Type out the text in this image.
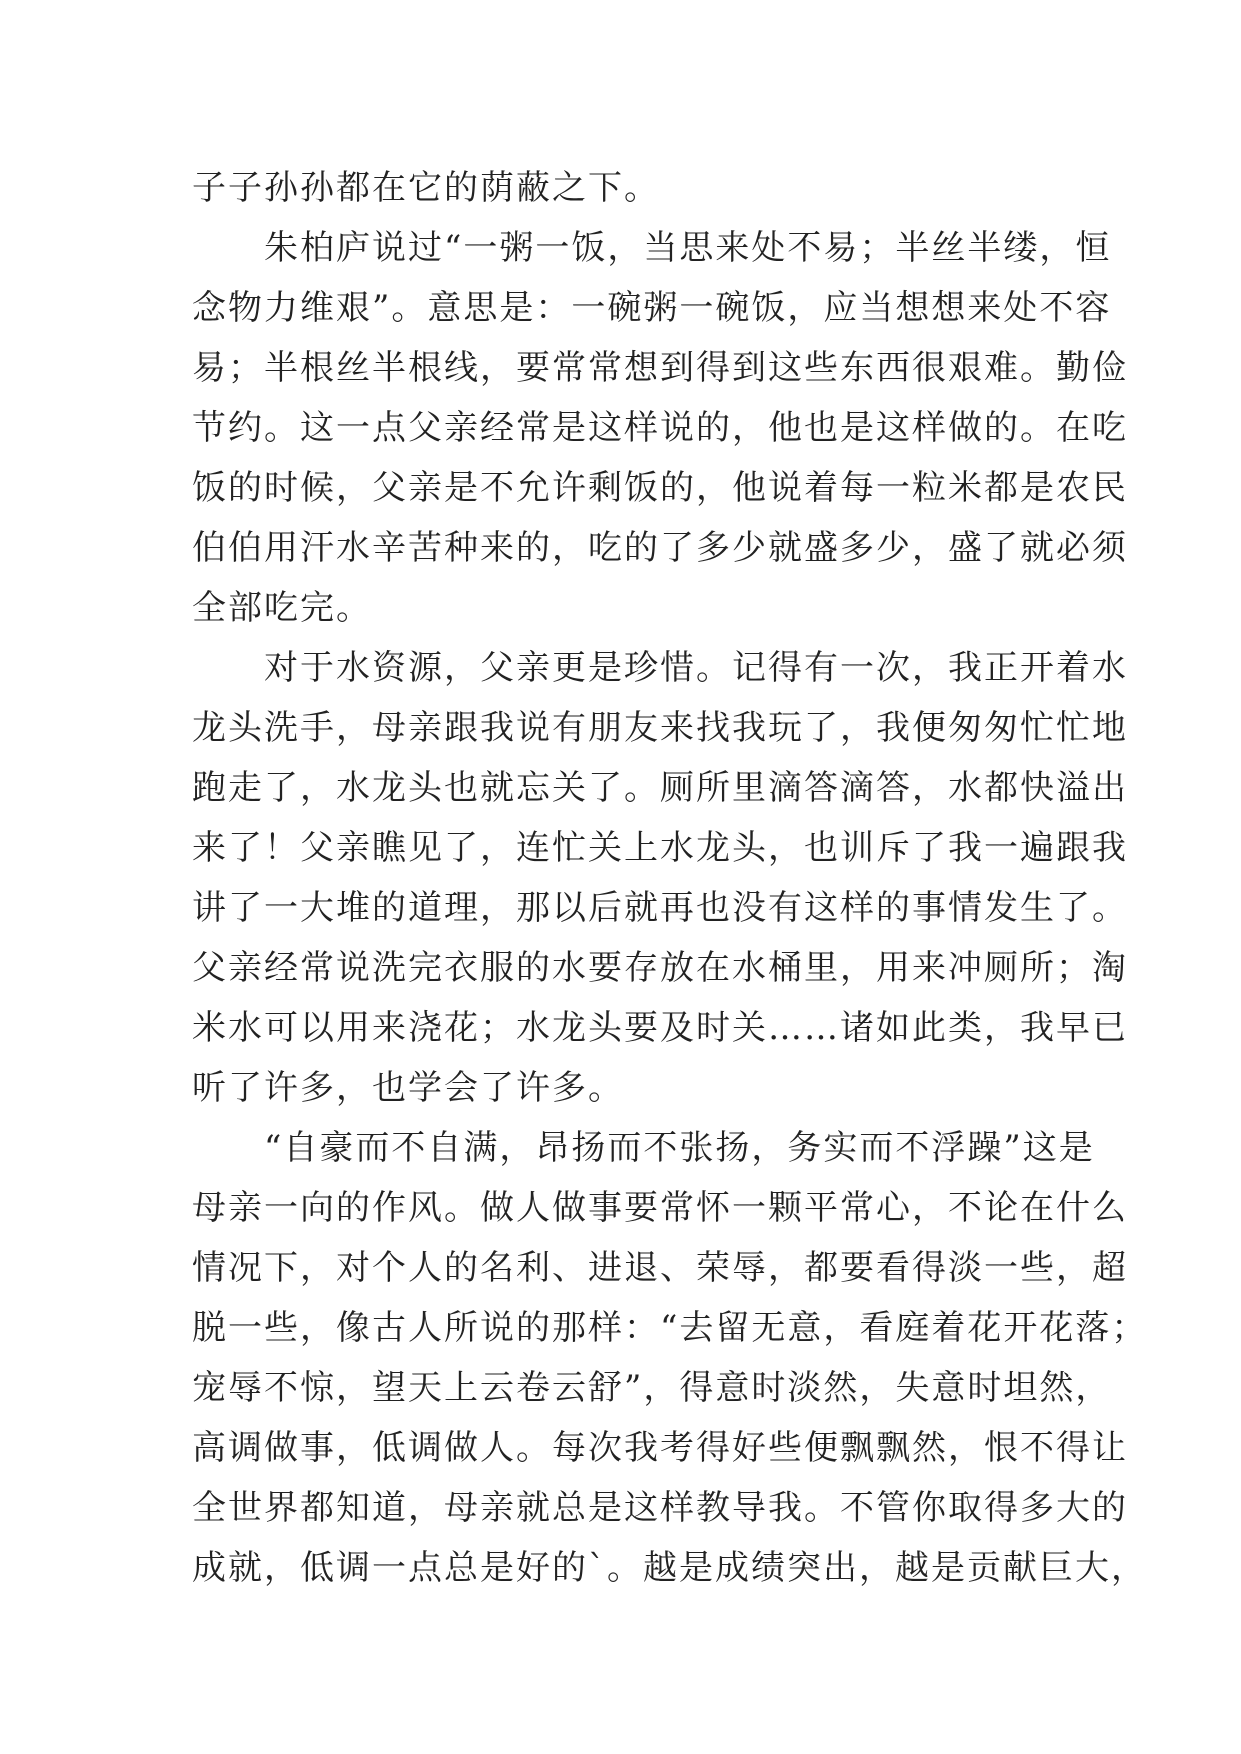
子子孙孙都在它的荫蔽之下。
　　朱柏庐说过“一粥一饭，当思来处不易；半丝半缕，恒
念物力维艰”。意思是：一碗粥一碗饭，应当想想来处不容
易；半根丝半根线，要常常想到得到这些东西很艰难。勤俭
节约。这一点父亲经常是这样说的，他也是这样做的。在吃
饭的时候，父亲是不允许剩饭的，他说着每一粒米都是农民
伯伯用汗水辛苦种来的，吃的了多少就盛多少，盛了就必须
全部吃完。
　　对于水资源，父亲更是珍惜。记得有一次，我正开着水
龙头洗手，母亲跟我说有朋友来找我玩了，我便匆匆忙忙地
跑走了，水龙头也就忘关了。厕所里滴答滴答，水都快溢出
来了！父亲瞧见了，连忙关上水龙头，也训斥了我一遍跟我
讲了一大堆的道理，那以后就再也没有这样的事情发生了。
父亲经常说洗完衣服的水要存放在水桶里，用来冲厕所；淘
米水可以用来浇花；水龙头要及时关……诸如此类，我早已
听了许多，也学会了许多。
　　“自豪而不自满，昂扬而不张扬，务实而不浮躁”这是
母亲一向的作风。做人做事要常怀一颗平常心，不论在什么
情况下，对个人的名利、进退、荣辱，都要看得淡一些，超
脱一些，像古人所说的那样：“去留无意，看庭着花开花落；
宠辱不惊，望天上云卷云舒”，得意时淡然，失意时坦然，
高调做事，低调做人。每次我考得好些便飘飘然，恨不得让
全世界都知道，母亲就总是这样教导我。不管你取得多大的
成就，低调一点总是好的`。越是成绩突出，越是贡献巨大，
